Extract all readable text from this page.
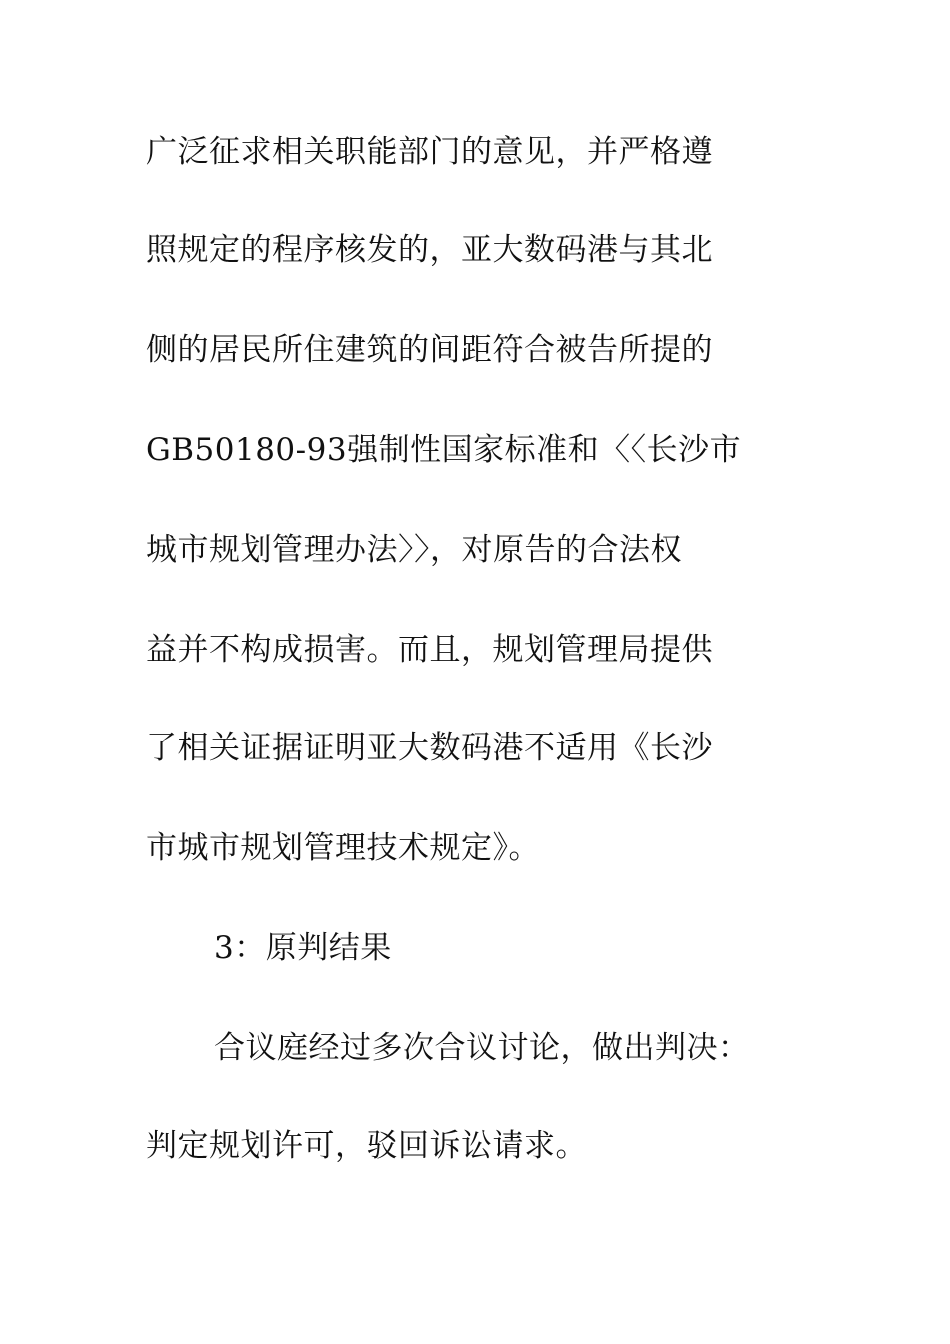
广泛征求相关职能部门的意见，并严格遵
照规定的程序核发的，亚大数码港与其北
侧的居民所住建筑的间距符合被告所提的
GB50180-93强制性国家标准和〈〈长沙市
城市规划管理办法〉〉，对原告的合法权
益并不构成损害。而且，规划管理局提供
了相关证据证明亚大数码港不适用《长沙
市城市规划管理技术规定》。
3：原判结果
合议庭经过多次合议讨论，做出判决：
判定规划许可，驳回诉讼请求。
